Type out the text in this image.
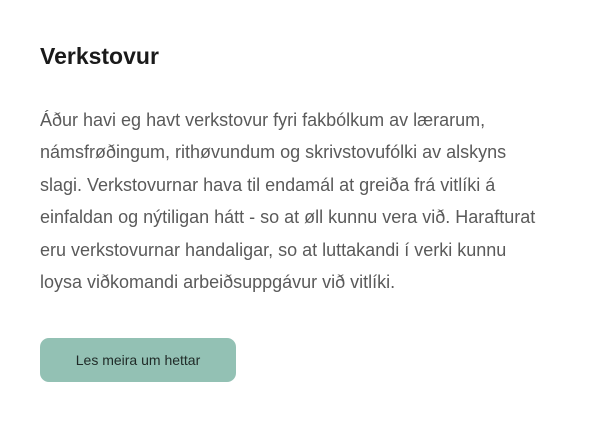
Verkstovur

Áður havi eg havt verkstovur fyri fakbólkum av lærarum, námsfrøðingum, rithøvundum og skrivstovufólki av alskyns slagi. Verkstovurnar hava til endamál at greiða frá vitlíki á einfaldan og nýtiligan hátt - so at øll kunnu vera við. Harafturat eru verkstovurnar handaligar, so at luttakandi í verki kunnu loysa viðkomandi arbeiðsuppgávur við vitlíki.

Les meira um hettar
